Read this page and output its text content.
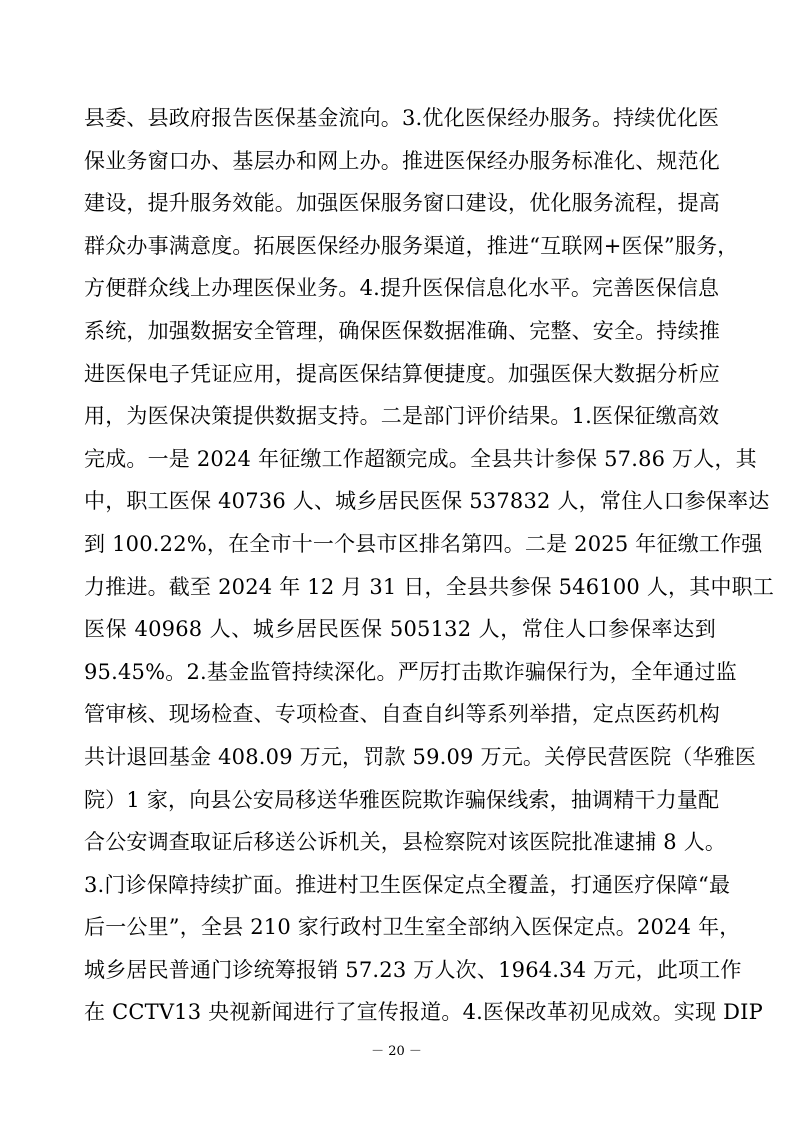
县委、县政府报告医保基金流向。3.优化医保经办服务。持续优化医
保业务窗口办、基层办和网上办。推进医保经办服务标准化、规范化
建设，提升服务效能。加强医保服务窗口建设，优化服务流程，提高
群众办事满意度。拓展医保经办服务渠道，推进“互联网+医保”服务，
方便群众线上办理医保业务。4.提升医保信息化水平。完善医保信息
系统，加强数据安全管理，确保医保数据准确、完整、安全。持续推
进医保电子凭证应用，提高医保结算便捷度。加强医保大数据分析应
用，为医保决策提供数据支持。二是部门评价结果。1.医保征缴高效
完成。一是 2024 年征缴工作超额完成。全县共计参保 57.86 万人，其
中，职工医保 40736 人、城乡居民医保 537832 人，常住人口参保率达
到 100.22%，在全市十一个县市区排名第四。二是 2025 年征缴工作强
力推进。截至 2024 年 12 月 31 日，全县共参保 546100 人，其中职工
医保 40968 人、城乡居民医保 505132 人，常住人口参保率达到
95.45%。2.基金监管持续深化。严厉打击欺诈骗保行为，全年通过监
管审核、现场检查、专项检查、自查自纠等系列举措，定点医药机构
共计退回基金 408.09 万元，罚款 59.09 万元。关停民营医院（华雅医
院）1 家，向县公安局移送华雅医院欺诈骗保线索，抽调精干力量配
合公安调查取证后移送公诉机关，县检察院对该医院批准逮捕 8 人。
3.门诊保障持续扩面。推进村卫生医保定点全覆盖，打通医疗保障“最
后一公里”，全县 210 家行政村卫生室全部纳入医保定点。2024 年，
城乡居民普通门诊统筹报销 57.23 万人次、1964.34 万元，此项工作
在 CCTV13 央视新闻进行了宣传报道。4.医保改革初见成效。实现 DIP
－ 20 －
